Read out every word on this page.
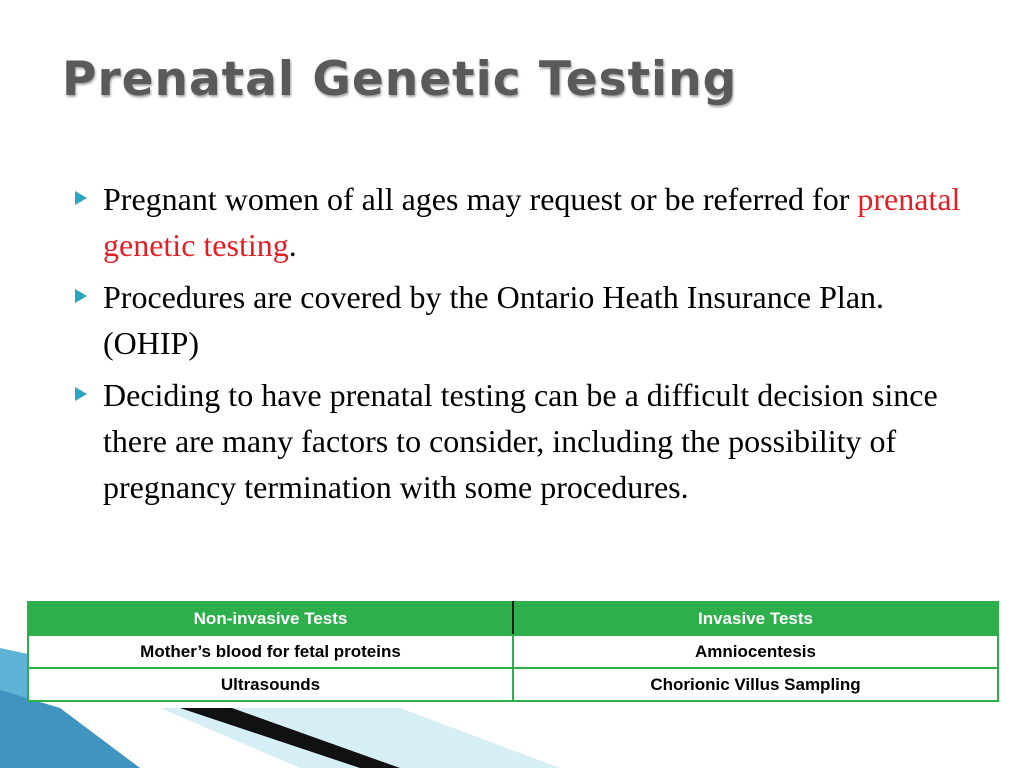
Prenatal Genetic Testing
Pregnant women of all ages may request or be referred for prenatal genetic testing.
Procedures are covered by the Ontario Heath Insurance Plan. (OHIP)
Deciding to have prenatal testing can be a difficult decision since there are many factors to consider, including the possibility of pregnancy termination with some procedures.
Non-invasive Tests	Invasive Tests
Mother’s blood for fetal proteins	Amniocentesis
Ultrasounds	Chorionic Villus Sampling
